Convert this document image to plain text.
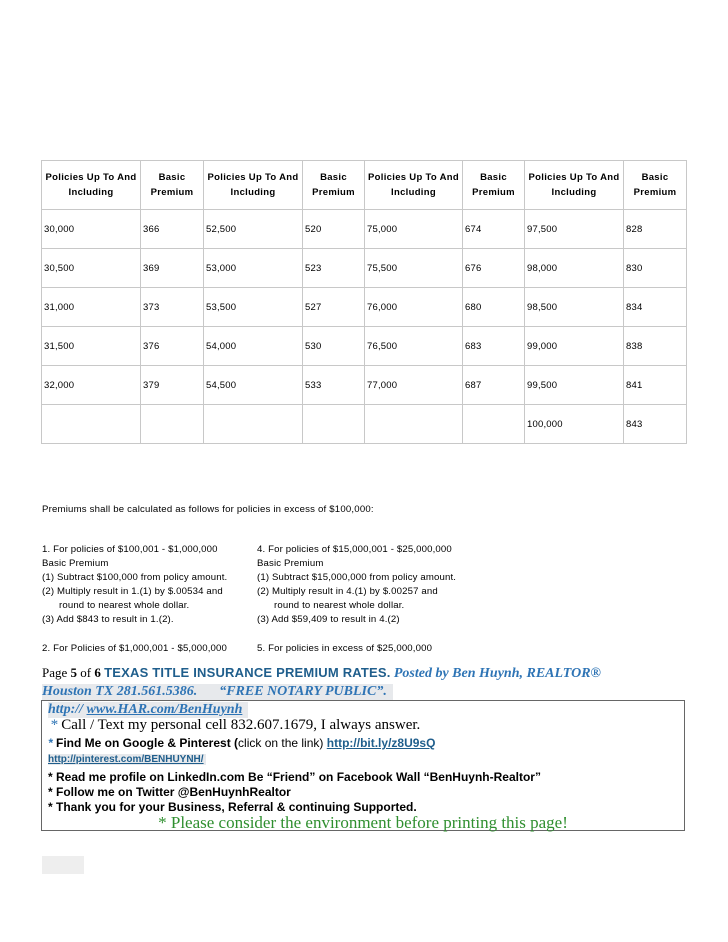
Policies Up To And Including	Basic Premium	Policies Up To And Including	Basic Premium	Policies Up To And Including	Basic Premium	Policies Up To And Including	Basic Premium
30,000	366	52,500	520	75,000	674	97,500	828
30,500	369	53,000	523	75,500	676	98,000	830
31,000	373	53,500	527	76,000	680	98,500	834
31,500	376	54,000	530	76,500	683	99,000	838
32,000	379	54,500	533	77,000	687	99,500	841
						100,000	843
Premiums shall be calculated as follows for policies in excess of $100,000:
1. For policies of $100,001 - $1,000,000
Basic Premium
(1) Subtract $100,000 from policy amount.
(2) Multiply result in 1.(1) by $.00534 and
round to nearest whole dollar.
(3) Add $843 to result in 1.(2).
2. For Policies of $1,000,001 - $5,000,000
4. For policies of $15,000,001 - $25,000,000
Basic Premium
(1) Subtract $15,000,000 from policy amount.
(2) Multiply result in 4.(1) by $.00257 and
round to nearest whole dollar.
(3) Add $59,409 to result in 4.(2)
5. For policies in excess of $25,000,000
Page 5 of 6 TEXAS TITLE INSURANCE PREMIUM RATES. Posted by Ben Huynh, REALTOR®
Houston TX 281.561.5386. “FREE NOTARY PUBLIC”.
http:// www.HAR.com/BenHuynh
* Call / Text my personal cell 832.607.1679, I always answer.
* Find Me on Google & Pinterest (click on the link) http://bit.ly/z8U9sQ
http://pinterest.com/BENHUYNH/
* Read me profile on LinkedIn.com Be “Friend” on Facebook Wall “BenHuynh-Realtor”
* Follow me on Twitter @BenHuynhRealtor
* Thank you for your Business, Referral & continuing Supported.
* Please consider the environment before printing this page!
